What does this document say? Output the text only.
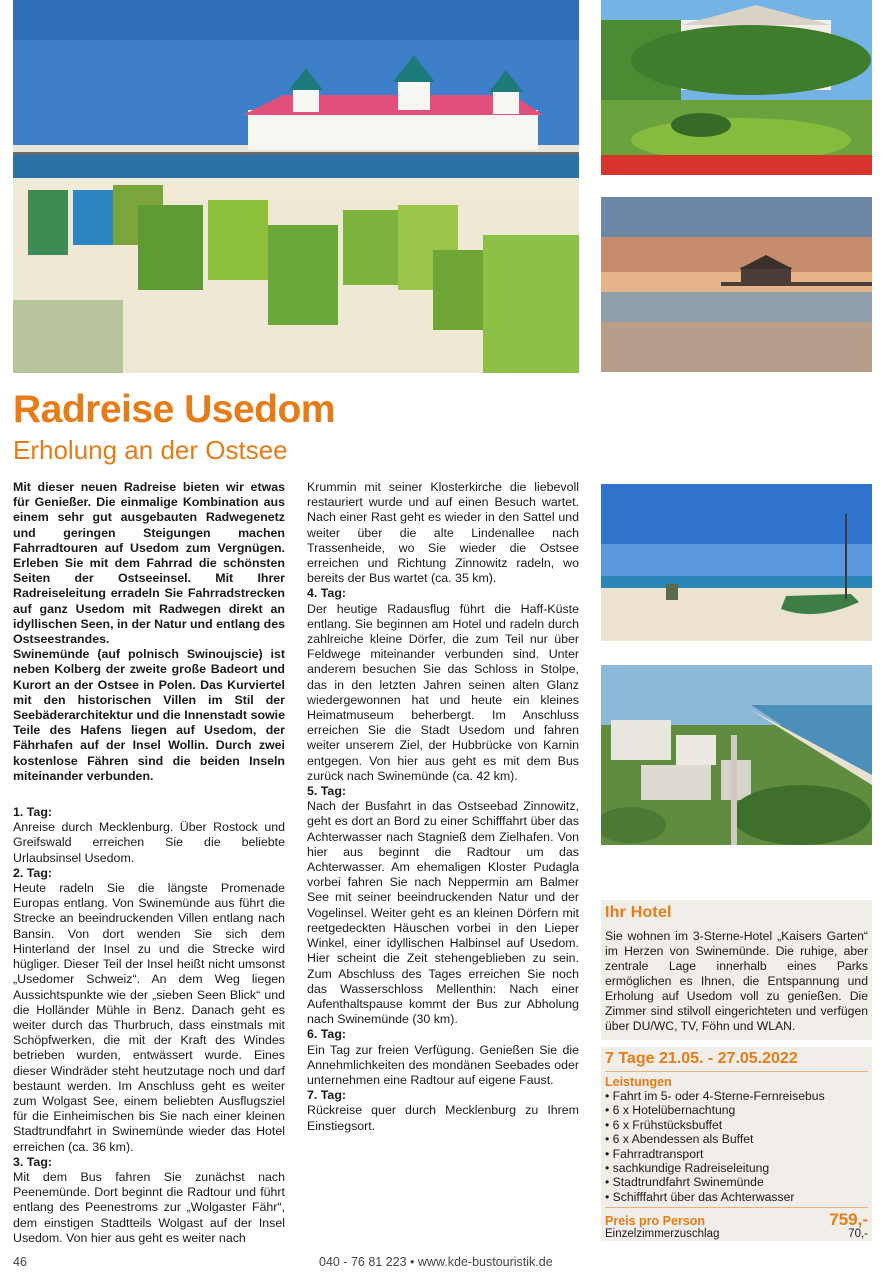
Radreise Usedom
Erholung an der Ostsee

Mit dieser neuen Radreise bieten wir etwas für Genießer. Die einmalige Kombination aus einem sehr gut ausgebauten Radwegenetz und geringen Steigungen machen Fahrradtouren auf Usedom zum Vergnügen. Erleben Sie mit dem Fahrrad die schönsten Seiten der Ostseeinsel. Mit Ihrer Radreiseleitung erradeln Sie Fahrradstrecken auf ganz Usedom mit Radwegen direkt an idyllischen Seen, in der Natur und entlang des Ostseestrandes.

Swinemünde (auf polnisch Swinoujscie) ist neben Kolberg der zweite große Badeort und Kurort an der Ostsee in Polen. Das Kurviertel mit den historischen Villen im Stil der Seebäderarchitektur und die Innenstadt sowie Teile des Hafens liegen auf Usedom, der Fährhafen auf der Insel Wollin. Durch zwei kostenlose Fähren sind die beiden Inseln miteinander verbunden.

1. Tag:

Anreise durch Mecklenburg. Über Rostock und Greifswald erreichen Sie die beliebte Urlaubsinsel Usedom.

2. Tag:

Heute radeln Sie die längste Promenade Europas entlang. Von Swinemünde aus führt die Strecke an beeindruckenden Villen entlang nach Bansin. Von dort wenden Sie sich dem Hinterland der Insel zu und die Strecke wird hügliger. Dieser Teil der Insel heißt nicht umsonst „Usedomer Schweiz“. An dem Weg liegen Aussichtspunkte wie der „sieben Seen Blick“ und die Holländer Mühle in Benz. Danach geht es weiter durch das Thurbruch, dass einstmals mit Schöpfwerken, die mit der Kraft des Windes betrieben wurden, entwässert wurde. Eines dieser Windräder steht heutzutage noch und darf bestaunt werden. Im Anschluss geht es weiter zum Wolgast See, einem beliebten Ausflugsziel für die Einheimischen bis Sie nach einer kleinen Stadtrundfahrt in Swinemünde wieder das Hotel erreichen (ca. 36 km).

3. Tag:

Mit dem Bus fahren Sie zunächst nach Peenemünde. Dort beginnt die Radtour und führt entlang des Peenestroms zur „Wolgaster Fähr“, dem einstigen Stadtteils Wolgast auf der Insel Usedom. Von hier aus geht es weiter nach

Krummin mit seiner Klosterkirche die liebevoll restauriert wurde und auf einen Besuch wartet. Nach einer Rast geht es wieder in den Sattel und weiter über die alte Lindenallee nach Trassenheide, wo Sie wieder die Ostsee erreichen und Richtung Zinnowitz radeln, wo bereits der Bus wartet (ca. 35 km).

4. Tag:

Der heutige Radausflug führt die Haff-Küste entlang. Sie beginnen am Hotel und radeln durch zahlreiche kleine Dörfer, die zum Teil nur über Feldwege miteinander verbunden sind. Unter anderem besuchen Sie das Schloss in Stolpe, das in den letzten Jahren seinen alten Glanz wiedergewonnen hat und heute ein kleines Heimatmuseum beherbergt. Im Anschluss erreichen Sie die Stadt Usedom und fahren weiter unserem Ziel, der Hubbrücke von Karnin entgegen. Von hier aus geht es mit dem Bus zurück nach Swinemünde (ca. 42 km).

5. Tag:

Nach der Busfahrt in das Ostseebad Zinnowitz, geht es dort an Bord zu einer Schifffahrt über das Achterwasser nach Stagnieß dem Zielhafen. Von hier aus beginnt die Radtour um das Achterwasser. Am ehemaligen Kloster Pudagla vorbei fahren Sie nach Neppermin am Balmer See mit seiner beeindruckenden Natur und der Vogelinsel. Weiter geht es an kleinen Dörfern mit reetgedeckten Häuschen vorbei in den Lieper Winkel, einer idyllischen Halbinsel auf Usedom. Hier scheint die Zeit stehengeblieben zu sein. Zum Abschluss des Tages erreichen Sie noch das Wasserschloss Mellenthin: Nach einer Aufenthaltspause kommt der Bus zur Abholung nach Swinemünde (30 km).

6. Tag:

Ein Tag zur freien Verfügung. Genießen Sie die Annehmlichkeiten des mondänen Seebades oder unternehmen eine Radtour auf eigene Faust.

7. Tag:

Rückreise quer durch Mecklenburg zu Ihrem Einstiegsort.

Ihr Hotel

Sie wohnen im 3-Sterne-Hotel „Kaisers Garten“ im Herzen von Swinemünde. Die ruhige, aber zentrale Lage innerhalb eines Parks ermöglichen es Ihnen, die Entspannung und Erholung auf Usedom voll zu genießen. Die Zimmer sind stilvoll eingerichteten und verfügen über DU/WC, TV, Föhn und WLAN.

7 Tage 21.05. - 27.05.2022
Leistungen
• Fahrt im 5- oder 4-Sterne-Fernreisebus
• 6 x Hotelübernachtung
• 6 x Frühstücksbuffet
• 6 x Abendessen als Buffet
• Fahrradtransport
• sachkundige Radreiseleitung
• Stadtrundfahrt Swinemünde
• Schifffahrt über das Achterwasser
Preis pro Person	759,-
Einzelzimmerzuschlag	70,-
46	040 - 76 81 223 • www.kde-bustouristik.de
